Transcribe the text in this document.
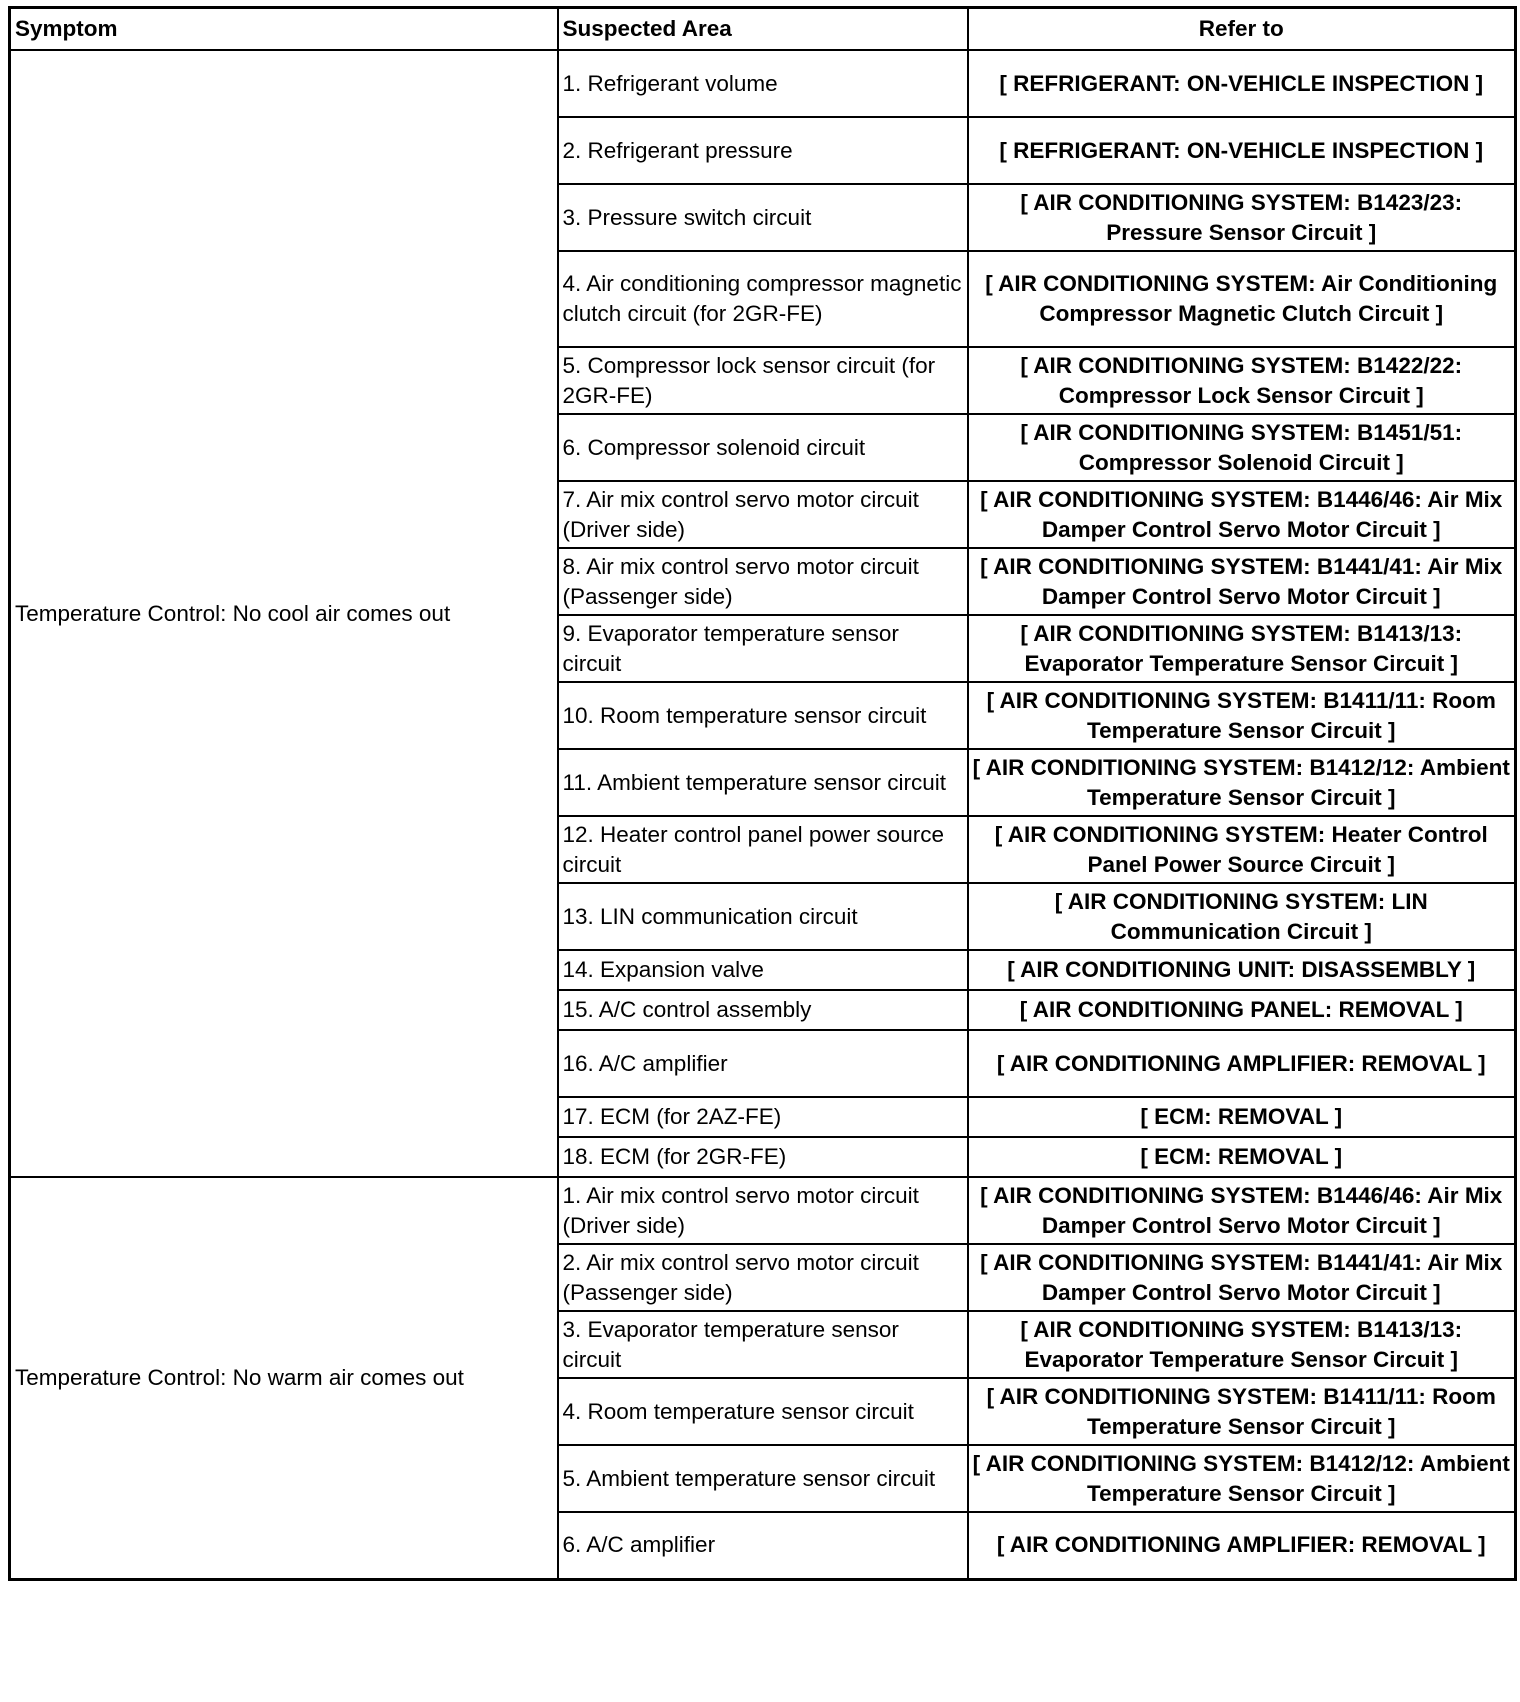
Symptom	Suspected Area	Refer to
Temperature Control: No cool air comes out	1. Refrigerant volume	[ REFRIGERANT: ON-VEHICLE INSPECTION ]
	2. Refrigerant pressure	[ REFRIGERANT: ON-VEHICLE INSPECTION ]
	3. Pressure switch circuit	[ AIR CONDITIONING SYSTEM: B1423/23: Pressure Sensor Circuit ]
	4. Air conditioning compressor magnetic clutch circuit (for 2GR-FE)	[ AIR CONDITIONING SYSTEM: Air Conditioning Compressor Magnetic Clutch Circuit ]
	5. Compressor lock sensor circuit (for 2GR-FE)	[ AIR CONDITIONING SYSTEM: B1422/22: Compressor Lock Sensor Circuit ]
	6. Compressor solenoid circuit	[ AIR CONDITIONING SYSTEM: B1451/51: Compressor Solenoid Circuit ]
	7. Air mix control servo motor circuit (Driver side)	[ AIR CONDITIONING SYSTEM: B1446/46: Air Mix Damper Control Servo Motor Circuit ]
	8. Air mix control servo motor circuit (Passenger side)	[ AIR CONDITIONING SYSTEM: B1441/41: Air Mix Damper Control Servo Motor Circuit ]
	9. Evaporator temperature sensor circuit	[ AIR CONDITIONING SYSTEM: B1413/13: Evaporator Temperature Sensor Circuit ]
	10. Room temperature sensor circuit	[ AIR CONDITIONING SYSTEM: B1411/11: Room Temperature Sensor Circuit ]
	11. Ambient temperature sensor circuit	[ AIR CONDITIONING SYSTEM: B1412/12: Ambient Temperature Sensor Circuit ]
	12. Heater control panel power source circuit	[ AIR CONDITIONING SYSTEM: Heater Control Panel Power Source Circuit ]
	13. LIN communication circuit	[ AIR CONDITIONING SYSTEM: LIN Communication Circuit ]
	14. Expansion valve	[ AIR CONDITIONING UNIT: DISASSEMBLY ]
	15. A/C control assembly	[ AIR CONDITIONING PANEL: REMOVAL ]
	16. A/C amplifier	[ AIR CONDITIONING AMPLIFIER: REMOVAL ]
	17. ECM (for 2AZ-FE)	[ ECM: REMOVAL ]
	18. ECM (for 2GR-FE)	[ ECM: REMOVAL ]
Temperature Control: No warm air comes out	1. Air mix control servo motor circuit (Driver side)	[ AIR CONDITIONING SYSTEM: B1446/46: Air Mix Damper Control Servo Motor Circuit ]
	2. Air mix control servo motor circuit (Passenger side)	[ AIR CONDITIONING SYSTEM: B1441/41: Air Mix Damper Control Servo Motor Circuit ]
	3. Evaporator temperature sensor circuit	[ AIR CONDITIONING SYSTEM: B1413/13: Evaporator Temperature Sensor Circuit ]
	4. Room temperature sensor circuit	[ AIR CONDITIONING SYSTEM: B1411/11: Room Temperature Sensor Circuit ]
	5. Ambient temperature sensor circuit	[ AIR CONDITIONING SYSTEM: B1412/12: Ambient Temperature Sensor Circuit ]
	6. A/C amplifier	[ AIR CONDITIONING AMPLIFIER: REMOVAL ]
